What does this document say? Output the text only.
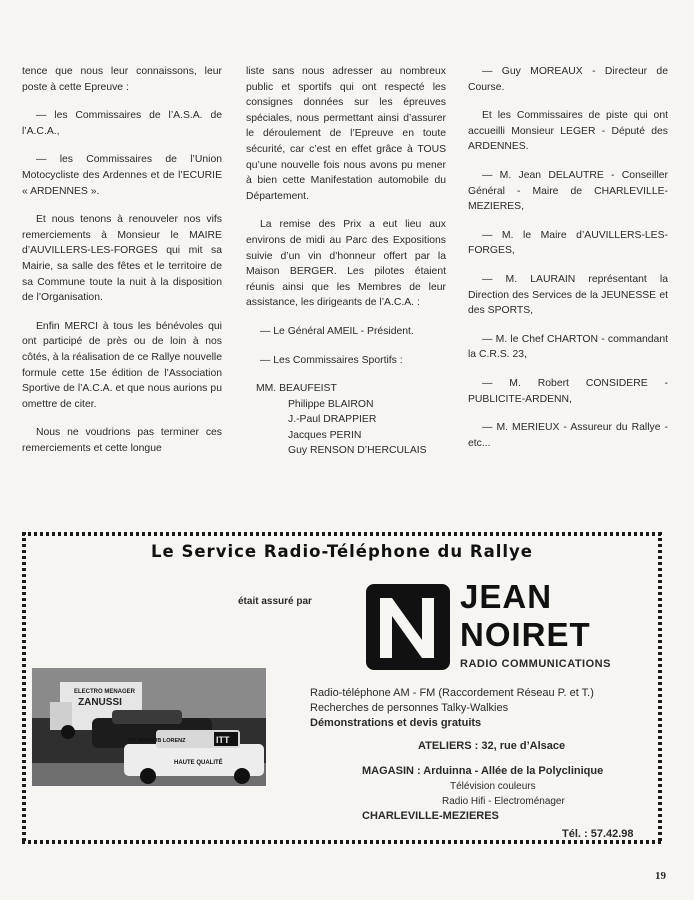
tence que nous leur connaissons, leur poste à cette Epreuve :

— les Commissaires de l’A.S.A. de l’A.C.A.,

— les Commissaires de l’Union Motocycliste des Ardennes et de l’ECURIE « ARDENNES ».

Et nous tenons à renouveler nos vifs remerciements à Monsieur le MAIRE d’AUVILLERS-LES-FORGES qui mit sa Mairie, sa salle des fêtes et le territoire de sa Commune toute la nuit à la disposition de l’Organisation.

Enfin MERCI à tous les bénévoles qui ont participé de près ou de loin à nos côtés, à la réalisation de ce Rallye nouvelle formule cette 15e édition de l’Association Sportive de l’A.C.A. et que nous aurions pu omettre de citer.

Nous ne voudrions pas terminer ces remerciements et cette longue

liste sans nous adresser au nombreux public et sportifs qui ont respecté les consignes données sur les épreuves spéciales, nous permettant ainsi d’assurer le déroulement de l’Epreuve en toute sécurité, car c’est en effet grâce à TOUS qu’une nouvelle fois nous avons pu mener à bien cette Manifestation automobile du Département.

La remise des Prix a eut lieu aux environs de midi au Parc des Expositions suivie d’un vin d’honneur offert par la Maison BERGER. Les pilotes étaient réunis ainsi que les Membres de leur assistance, les dirigeants de l’A.C.A. :

— Le Général AMEIL - Président.

— Les Commissaires Sportifs :

MM. BEAUFEIST
Philippe BLAIRON
J.-Paul DRAPPIER
Jacques PERIN
Guy RENSON D’HERCULAIS

— Guy MOREAUX - Directeur de Course.

Et les Commissaires de piste qui ont accueilli Monsieur LEGER - Député des ARDENNES.

— M. Jean DELAUTRE - Conseiller Général - Maire de CHARLEVILLE-MEZIERES,

— M. le Maire d’AUVILLERS-LES-FORGES,

— M. LAURAIN représentant la Direction des Services de la JEUNESSE et des SPORTS,

— M. le Chef CHARTON - commandant la C.R.S. 23,

— M. Robert CONSIDERE - PUBLICITE-ARDENN,

— M. MERIEUX - Assureur du Rallye - etc...

Le Service Radio-Téléphone du Rallye
était assuré par	JEAN
NOIRET
RADIO COMMUNICATIONS
ELECTRO MENAGER
ZANUSSI
ITT SCHAUB LORENZ	ITT
HAUTE QUALITÉ

Radio-téléphone AM - FM (Raccordement Réseau P. et T.)

Recherches de personnes Talky-Walkies

Démonstrations et devis gratuits

ATELIERS : 32, rue d’Alsace

MAGASIN : Arduinna - Allée de la Polyclinique

Télévision couleurs

Radio Hifi - Electroménager

CHARLEVILLE-MEZIERES

Tél. : 57.42.98
19
